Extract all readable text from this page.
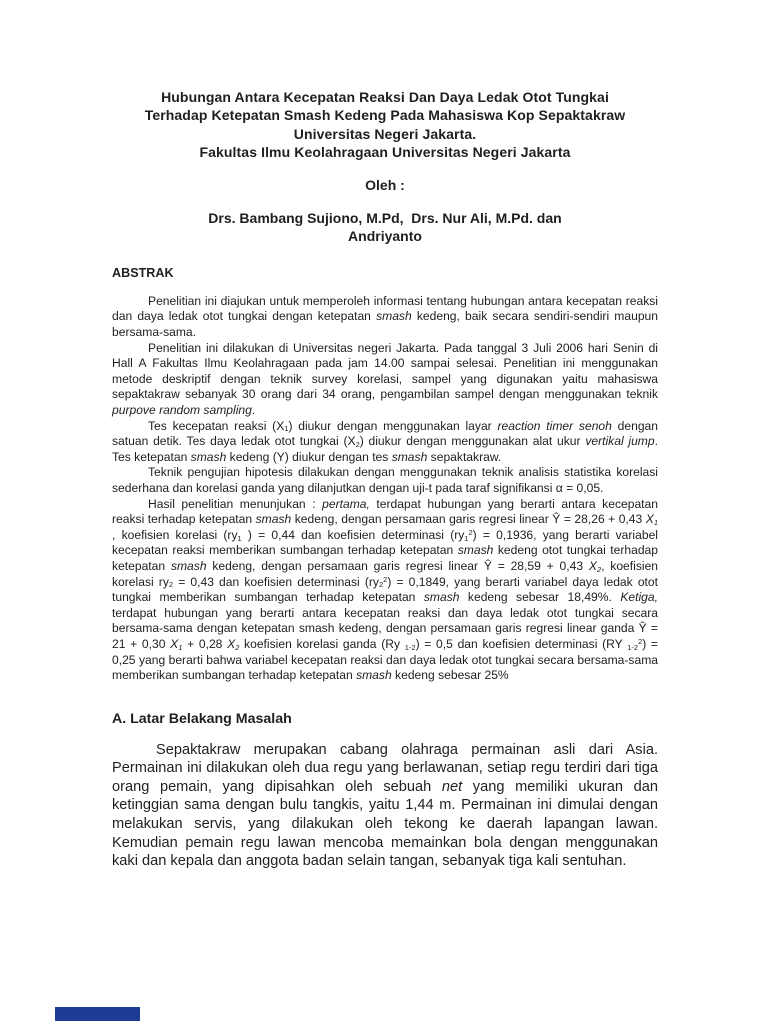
Hubungan Antara Kecepatan Reaksi Dan Daya Ledak Otot Tungkai
Terhadap Ketepatan Smash Kedeng Pada Mahasiswa Kop Sepaktakraw
Universitas Negeri Jakarta.
Fakultas Ilmu Keolahragaan Universitas Negeri Jakarta
Oleh :
Drs. Bambang Sujiono, M.Pd,  Drs. Nur Ali, M.Pd. dan
Andriyanto
ABSTRAK

Penelitian ini diajukan untuk memperoleh informasi tentang hubungan antara kecepatan reaksi dan daya ledak otot tungkai dengan ketepatan smash kedeng, baik secara sendiri-sendiri maupun bersama-sama.

Penelitian ini dilakukan di Universitas negeri Jakarta. Pada tanggal 3 Juli 2006 hari Senin di Hall A Fakultas Ilmu Keolahragaan pada jam 14.00 sampai selesai. Penelitian ini menggunakan metode deskriptif dengan teknik survey korelasi, sampel yang digunakan yaitu mahasiswa sepaktakraw sebanyak 30 orang dari 34 orang, pengambilan sampel dengan menggunakan teknik purpove random sampling.

Tes kecepatan reaksi $(X_1)$ diukur dengan menggunakan layar reaction timer senoh dengan satuan detik. Tes daya ledak otot tungkai $(X_2)$ diukur dengan menggunakan alat ukur vertikal jump. Tes ketepatan smash kedeng (Y) diukur dengan tes smash sepaktakraw.

Teknik pengujian hipotesis dilakukan dengan menggunakan teknik analisis statistika korelasi sederhana dan korelasi ganda yang dilanjutkan dengan uji-t pada taraf signifikansi α = 0,05.

Hasil penelitian menunjukan : pertama, terdapat hubungan yang berarti antara kecepatan reaksi terhadap ketepatan smash kedeng, dengan persamaan garis regresi linear Ŷ = 28,26 + 0,43 $X_1$ , koefisien korelasi ($ry_1$ ) = 0,44 dan koefisien determinasi $(ry_1^2) = 0,1936$, yang berarti variabel kecepatan reaksi memberikan sumbangan terhadap ketepatan smash kedeng otot tungkai terhadap ketepatan smash kedeng, dengan persamaan garis regresi linear Ŷ = 28,59 + 0,43 $X_2$, koefisien korelasi $ry_2 = 0,43$ dan koefisien determinasi $(ry_2^2) = 0,1849$, yang berarti variabel daya ledak otot tungkai memberikan sumbangan terhadap ketepatan smash kedeng sebesar 18,49%. Ketiga, terdapat hubungan yang berarti antara kecepatan reaksi dan daya ledak otot tungkai secara bersama-sama dengan ketepatan smash kedeng, dengan persamaan garis regresi linear ganda Ŷ = 21 + 0,30 $X_1 + 0,28$ $X_2$ koefisien korelasi ganda (Ry $_{1-2}$) = 0,5 dan koefisien determinasi (RY $_{1-2}^2$) = 0,25 yang berarti bahwa variabel kecepatan reaksi dan daya ledak otot tungkai secara bersama-sama memberikan sumbangan terhadap ketepatan smash kedeng sebesar 25%

A. Latar Belakang Masalah

Sepaktakraw merupakan cabang olahraga permainan asli dari Asia. Permainan ini dilakukan oleh dua regu yang berlawanan, setiap regu terdiri dari tiga orang pemain, yang dipisahkan oleh sebuah net yang memiliki ukuran dan ketinggian sama dengan bulu tangkis, yaitu 1,44 m. Permainan ini dimulai dengan melakukan servis, yang dilakukan oleh tekong ke daerah lapangan lawan. Kemudian pemain regu lawan mencoba memainkan bola dengan menggunakan kaki dan kepala dan anggota badan selain tangan, sebanyak tiga kali sentuhan.
